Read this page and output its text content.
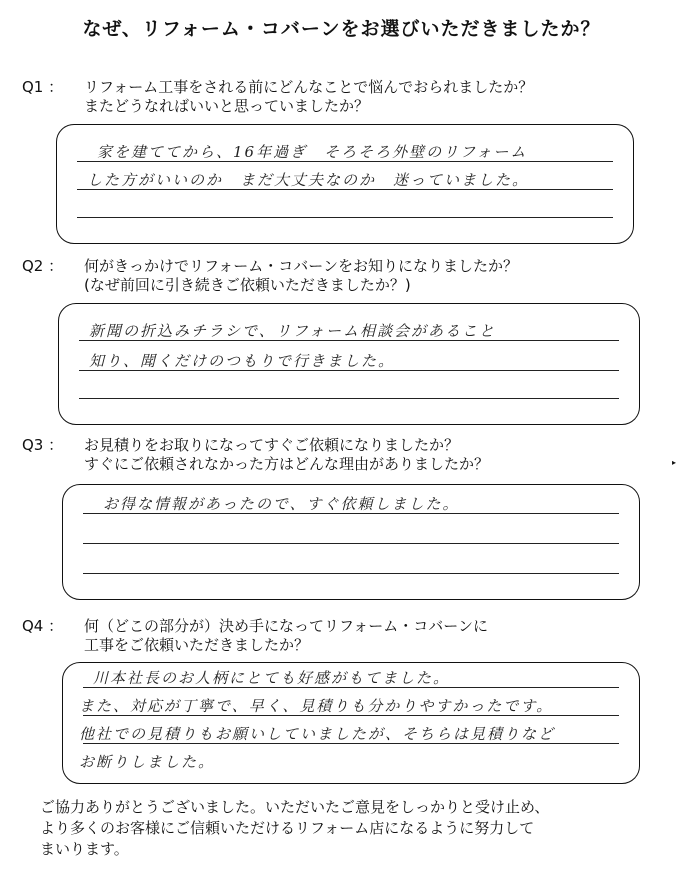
なぜ、リフォーム・コバーンをお選びいただきましたか？
Q1 ：	リフォーム工事をされる前にどんなことで悩んでおられましたか？
またどうなればいいと思っていましたか？
家を建ててから、16年過ぎ　そろそろ外壁のリフォーム
した方がいいのか　まだ大丈夫なのか　迷っていました。
Q2 ：	何がきっかけでリフォーム・コバーンをお知りになりましたか？
(なぜ前回に引き続きご依頼いただきましたか？)
新聞の折込みチラシで、リフォーム相談会があること
知り、聞くだけのつもりで行きました。
Q3 ：	お見積りをお取りになってすぐご依頼になりましたか？
すぐにご依頼されなかった方はどんな理由がありましたか？
お得な情報があったので、すぐ依頼しました。
▸
Q4 ：	何（どこの部分が）決め手になってリフォーム・コバーンに
工事をご依頼いただきましたか？
川本社長のお人柄にとても好感がもてました。
また、対応が丁寧で、早く、見積りも分かりやすかったです。
他社での見積りもお願いしていましたが、そちらは見積りなど
お断りしました。
ご協力ありがとうございました。いただいたご意見をしっかりと受け止め、
より多くのお客様にご信頼いただけるリフォーム店になるように努力して
まいります。
